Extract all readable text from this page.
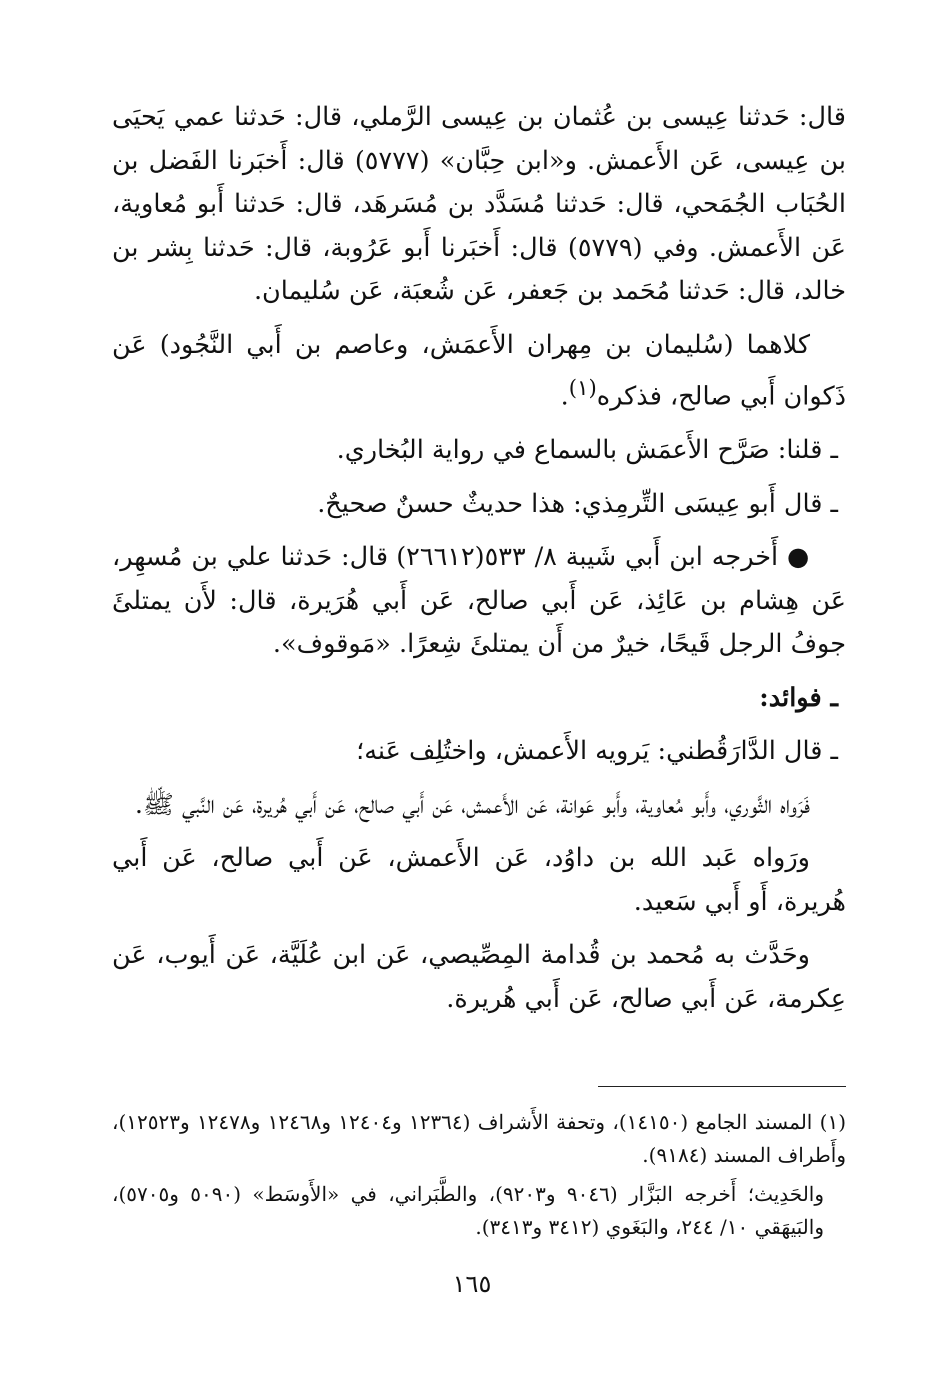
قال: حَدثنا عِيسى بن عُثمان بن عِيسى الرَّملي، قال: حَدثنا عمي يَحيَى بن عِيسى، عَن الأَعمش. و«ابن حِبَّان» (٥٧٧٧) قال: أَخبَرنا الفَضل بن الحُبَاب الجُمَحي، قال: حَدثنا مُسَدَّد بن مُسَرهَد، قال: حَدثنا أَبو مُعاوية، عَن الأَعمش. وفي (٥٧٧٩) قال: أَخبَرنا أَبو عَرُوبة، قال: حَدثنا بِشر بن خالد، قال: حَدثنا مُحَمد بن جَعفر، عَن شُعبَة، عَن سُليمان.

كلاهما (سُليمان بن مِهران الأَعمَش، وعاصم بن أَبي النَّجُود) عَن ذَكوان أَبي صالح، فذكره$^{(١)}$.

ـ قلنا: صَرَّح الأَعمَش بالسماع في رواية البُخاري.

ـ قال أَبو عِيسَى التِّرمِذي: هذا حديثٌ حسنٌ صحيحٌ.

● أَخرجه ابن أَبي شَيبة ٨/ ٥٣٣(٢٦٦١٢) قال: حَدثنا علي بن مُسهِر، عَن هِشام بن عَائِذ، عَن أَبي صالح، عَن أَبي هُرَيرة، قال: لأَن يمتلئَ جوفُ الرجل قَيحًا، خيرٌ من أَن يمتلئَ شِعرًا. «مَوقوف».

ـ فوائد:

ـ قال الدَّارَقُطني: يَرويه الأَعمش، واختُلِف عَنه؛

فَرَواه الثَّوري، وأَبو مُعاوية، وأَبو عَوانة، عَن الأَعمش، عَن أَبي صالح، عَن أَبي هُريرة، عَن النَّبي ﷺ.

ورَواه عَبد الله بن داوُد، عَن الأَعمش، عَن أَبي صالح، عَن أَبي هُريرة، أَو أَبي سَعيد.

وحَدَّث به مُحمد بن قُدامة المِصِّيصي، عَن ابن عُلَيَّة، عَن أَيوب، عَن عِكرمة، عَن أَبي صالح، عَن أَبي هُريرة.

(١) المسند الجامع (١٤١٥٠)، وتحفة الأَشراف (١٢٣٦٤ و١٢٤٠٤ و١٢٤٦٨ و١٢٤٧٨ و١٢٥٢٣)، وأَطراف المسند (٩١٨٤).

والحَدِيث؛ أَخرجه البَزَّار (٩٠٤٦ و٩٢٠٣)، والطَّبَراني، في «الأَوسَط» (٥٠٩٠ و٥٧٠٥)، والبَيهَقي ١٠/ ٢٤٤، والبَغَوي (٣٤١٢ و٣٤١٣).

١٦٥
